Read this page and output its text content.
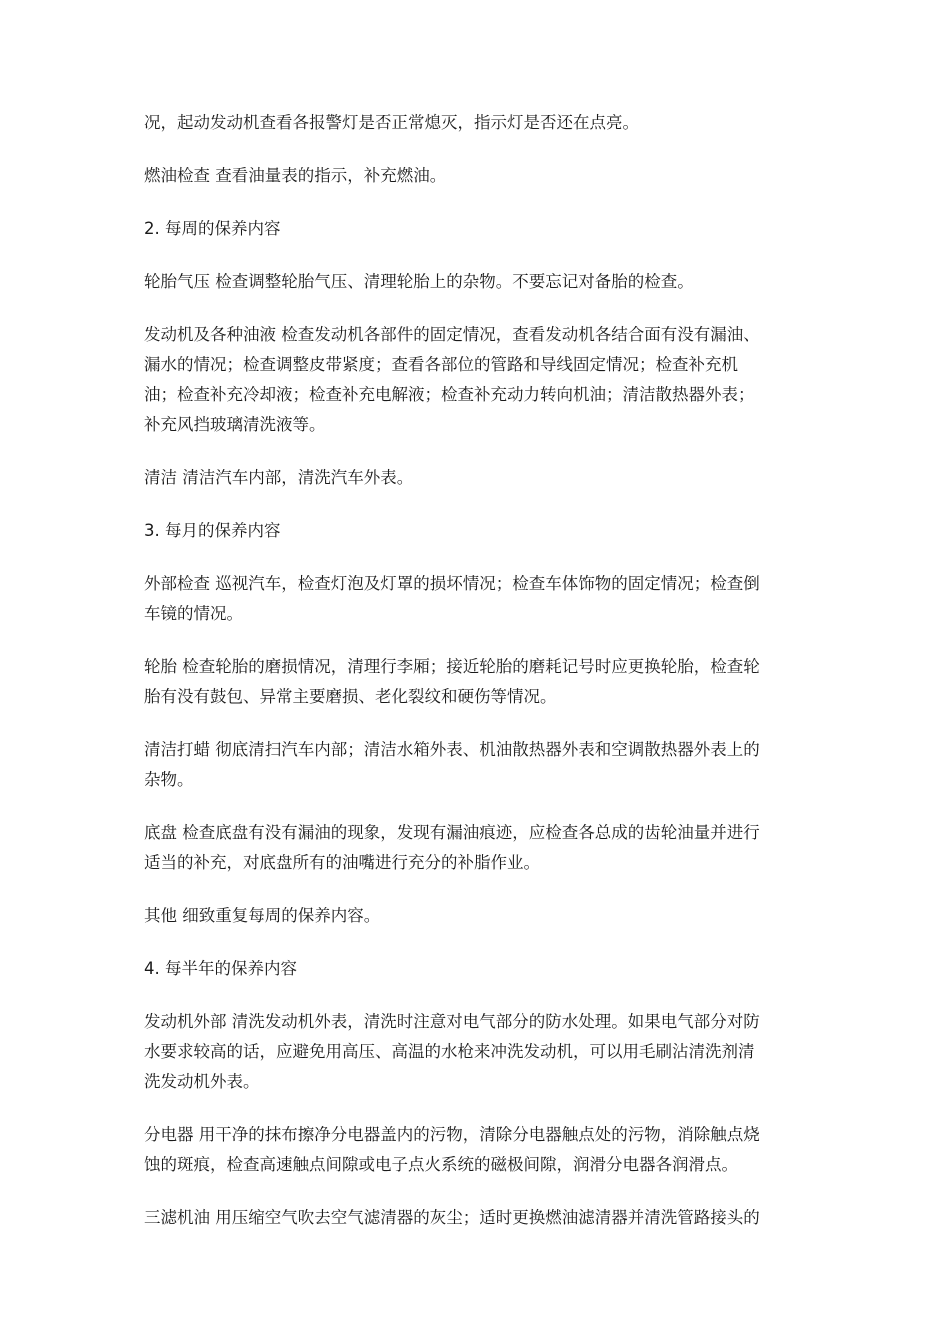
况，起动发动机查看各报警灯是否正常熄灭，指示灯是否还在点亮。

燃油检查 查看油量表的指示，补充燃油。

2. 每周的保养内容

轮胎气压 检查调整轮胎气压、清理轮胎上的杂物。不要忘记对备胎的检查。

发动机及各种油液 检查发动机各部件的固定情况，查看发动机各结合面有没有漏油、
漏水的情况；检查调整皮带紧度；查看各部位的管路和导线固定情况；检查补充机
油；检查补充冷却液；检查补充电解液；检查补充动力转向机油；清洁散热器外表；
补充风挡玻璃清洗液等。

清洁 清洁汽车内部，清洗汽车外表。

3. 每月的保养内容

外部检查 巡视汽车，检查灯泡及灯罩的损坏情况；检查车体饰物的固定情况；检查倒
车镜的情况。

轮胎 检查轮胎的磨损情况，清理行李厢；接近轮胎的磨耗记号时应更换轮胎，检查轮
胎有没有鼓包、异常主要磨损、老化裂纹和硬伤等情况。

清洁打蜡 彻底清扫汽车内部；清洁水箱外表、机油散热器外表和空调散热器外表上的
杂物。

底盘 检查底盘有没有漏油的现象，发现有漏油痕迹，应检查各总成的齿轮油量并进行
适当的补充，对底盘所有的油嘴进行充分的补脂作业。

其他 细致重复每周的保养内容。

4. 每半年的保养内容

发动机外部 清洗发动机外表，清洗时注意对电气部分的防水处理。如果电气部分对防
水要求较高的话，应避免用高压、高温的水枪来冲洗发动机，可以用毛刷沾清洗剂清
洗发动机外表。

分电器 用干净的抹布擦净分电器盖内的污物，清除分电器触点处的污物，消除触点烧
蚀的斑痕，检查高速触点间隙或电子点火系统的磁极间隙，润滑分电器各润滑点。

三滤机油 用压缩空气吹去空气滤清器的灰尘；适时更换燃油滤清器并清洗管路接头的
